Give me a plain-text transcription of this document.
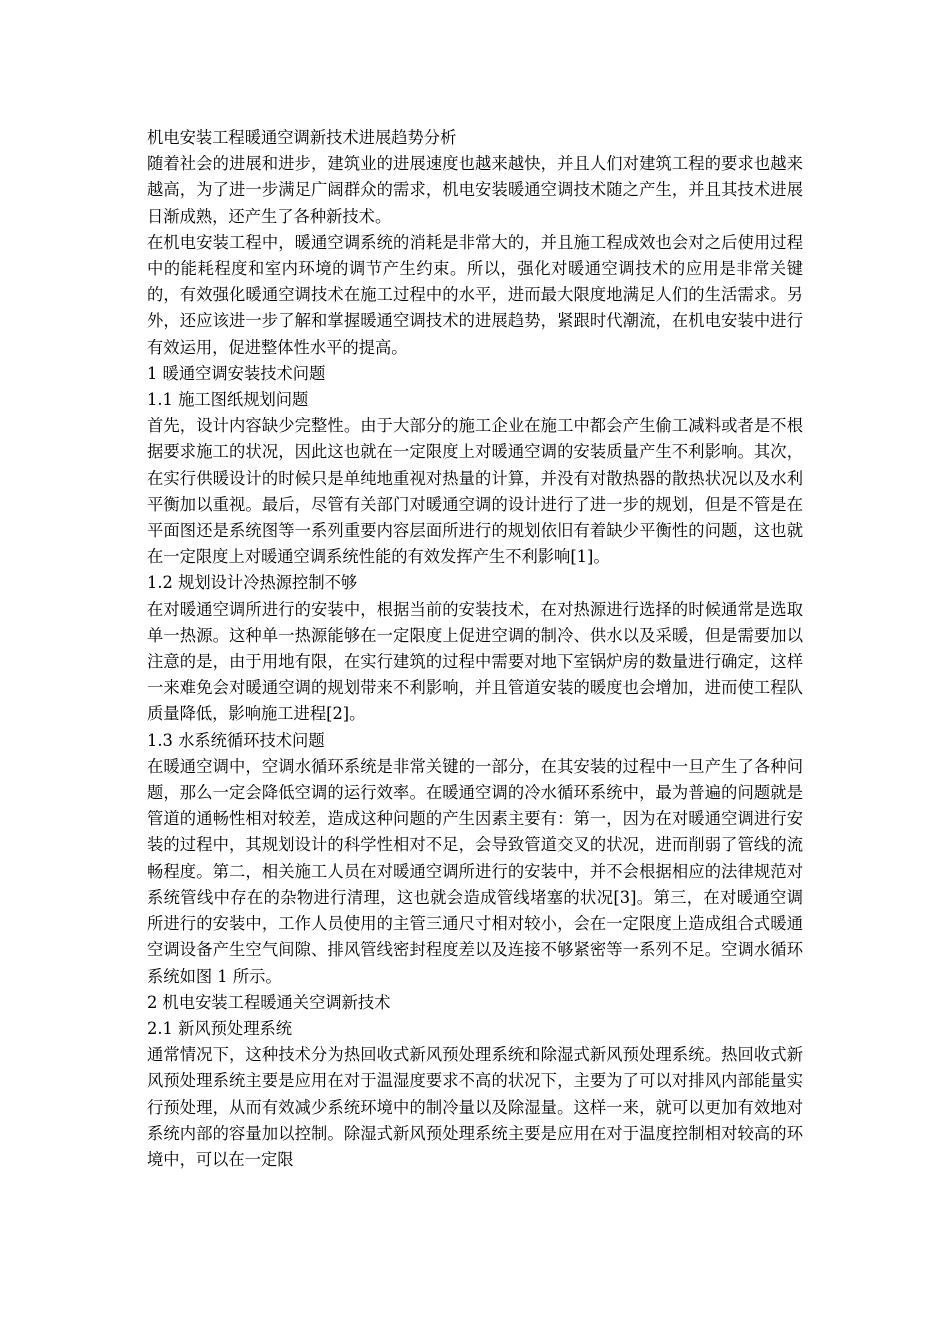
机电安装工程暖通空调新技术进展趋势分析

随着社会的进展和进步，建筑业的进展速度也越来越快，并且人们对建筑工程的要求也越来越高，为了进一步满足广阔群众的需求，机电安装暖通空调技术随之产生，并且其技术进展日渐成熟，还产生了各种新技术。

在机电安装工程中，暖通空调系统的消耗是非常大的，并且施工程成效也会对之后使用过程中的能耗程度和室内环境的调节产生约束。所以，强化对暖通空调技术的应用是非常关键的，有效强化暖通空调技术在施工过程中的水平，进而最大限度地满足人们的生活需求。另外，还应该进一步了解和掌握暖通空调技术的进展趋势，紧跟时代潮流，在机电安装中进行有效运用，促进整体性水平的提高。

1 暖通空调安装技术问题

1.1 施工图纸规划问题

首先，设计内容缺少完整性。由于大部分的施工企业在施工中都会产生偷工减料或者是不根据要求施工的状况，因此这也就在一定限度上对暖通空调的安装质量产生不利影响。其次，在实行供暖设计的时候只是单纯地重视对热量的计算，并没有对散热器的散热状况以及水利平衡加以重视。最后，尽管有关部门对暖通空调的设计进行了进一步的规划，但是不管是在平面图还是系统图等一系列重要内容层面所进行的规划依旧有着缺少平衡性的问题，这也就在一定限度上对暖通空调系统性能的有效发挥产生不利影响[1]。

1.2 规划设计冷热源控制不够

在对暖通空调所进行的安装中，根据当前的安装技术，在对热源进行选择的时候通常是选取单一热源。这种单一热源能够在一定限度上促进空调的制冷、供水以及采暖，但是需要加以注意的是，由于用地有限，在实行建筑的过程中需要对地下室锅炉房的数量进行确定，这样一来难免会对暖通空调的规划带来不利影响，并且管道安装的暖度也会增加，进而使工程队质量降低，影响施工进程[2]。

1.3 水系统循环技术问题

在暖通空调中，空调水循环系统是非常关键的一部分，在其安装的过程中一旦产生了各种问题，那么一定会降低空调的运行效率。在暖通空调的冷水循环系统中，最为普遍的问题就是管道的通畅性相对较差，造成这种问题的产生因素主要有：第一，因为在对暖通空调进行安装的过程中，其规划设计的科学性相对不足，会导致管道交叉的状况，进而削弱了管线的流畅程度。第二，相关施工人员在对暖通空调所进行的安装中，并不会根据相应的法律规范对系统管线中存在的杂物进行清理，这也就会造成管线堵塞的状况[3]。第三，在对暖通空调所进行的安装中，工作人员使用的主管三通尺寸相对较小，会在一定限度上造成组合式暖通空调设备产生空气间隙、排风管线密封程度差以及连接不够紧密等一系列不足。空调水循环系统如图 1 所示。

2 机电安装工程暖通关空调新技术

2.1 新风预处理系统

通常情况下，这种技术分为热回收式新风预处理系统和除湿式新风预处理系统。热回收式新风预处理系统主要是应用在对于温湿度要求不高的状况下，主要为了可以对排风内部能量实行预处理，从而有效减少系统环境中的制冷量以及除湿量。这样一来，就可以更加有效地对系统内部的容量加以控制。除湿式新风预处理系统主要是应用在对于温度控制相对较高的环境中，可以在一定限
